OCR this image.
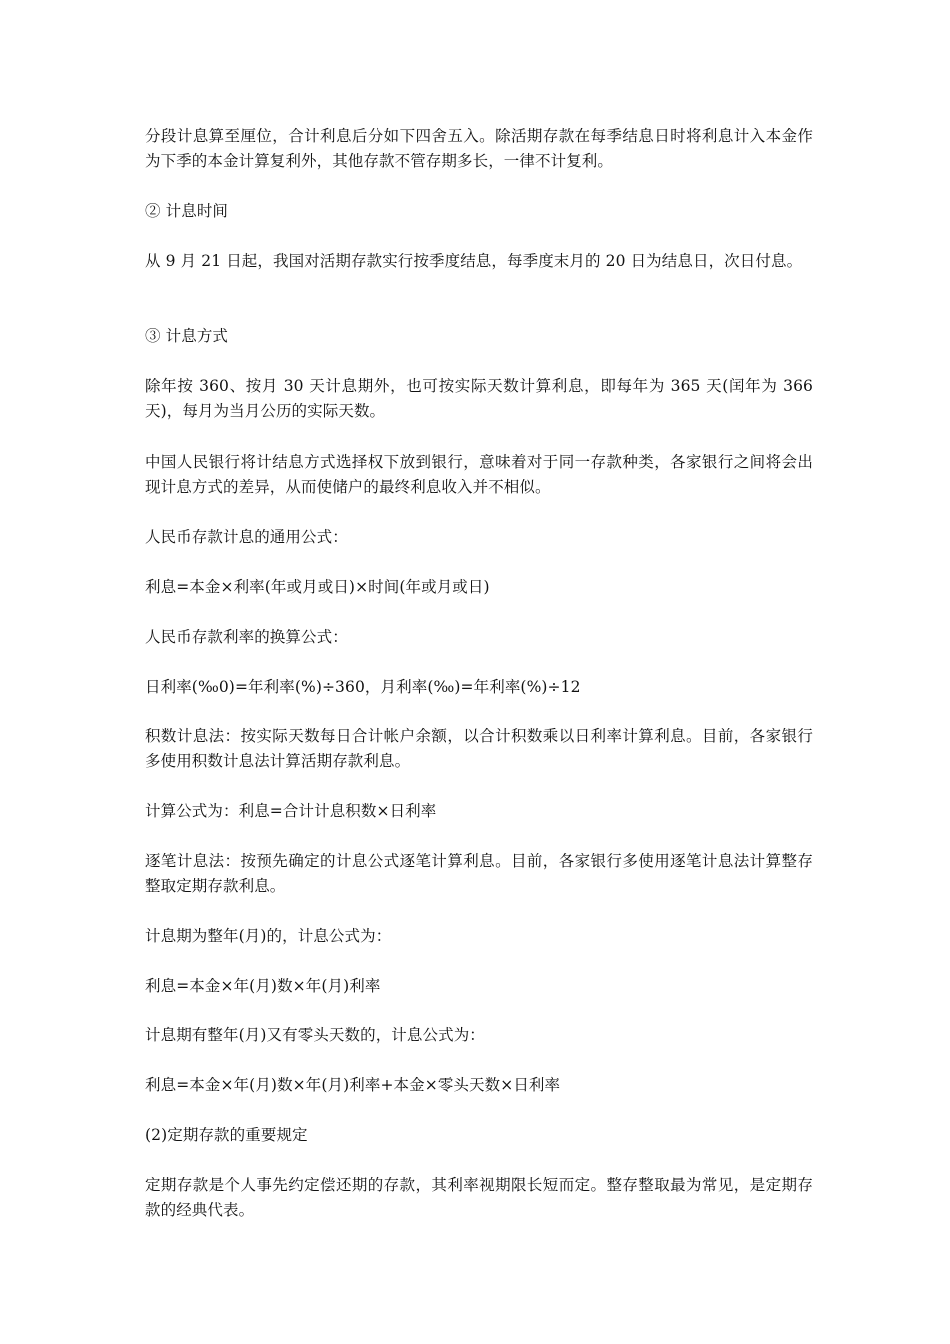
分段计息算至厘位，合计利息后分如下四舍五入。除活期存款在每季结息日时将利息计入本金作为下季的本金计算复利外，其他存款不管存期多长，一律不计复利。

② 计息时间

从 9 月 21 日起，我国对活期存款实行按季度结息，每季度末月的 20 日为结息日，次日付息。

③ 计息方式

除年按 360、按月 30 天计息期外，也可按实际天数计算利息，即每年为 365 天(闰年为 366 天)，每月为当月公历的实际天数。

中国人民银行将计结息方式选择权下放到银行，意味着对于同一存款种类，各家银行之间将会出现计息方式的差异，从而使储户的最终利息收入并不相似。

人民币存款计息的通用公式：

利息=本金×利率(年或月或日)×时间(年或月或日)

人民币存款利率的换算公式：

日利率(‰0)=年利率(%)÷360，月利率(‰)=年利率(%)÷12

积数计息法：按实际天数每日合计帐户余额，以合计积数乘以日利率计算利息。目前，各家银行多使用积数计息法计算活期存款利息。

计算公式为：利息=合计计息积数×日利率

逐笔计息法：按预先确定的计息公式逐笔计算利息。目前，各家银行多使用逐笔计息法计算整存整取定期存款利息。

计息期为整年(月)的，计息公式为：

利息=本金×年(月)数×年(月)利率

计息期有整年(月)又有零头天数的，计息公式为：

利息=本金×年(月)数×年(月)利率+本金×零头天数×日利率

(2)定期存款的重要规定

定期存款是个人事先约定偿还期的存款，其利率视期限长短而定。整存整取最为常见，是定期存款的经典代表。
